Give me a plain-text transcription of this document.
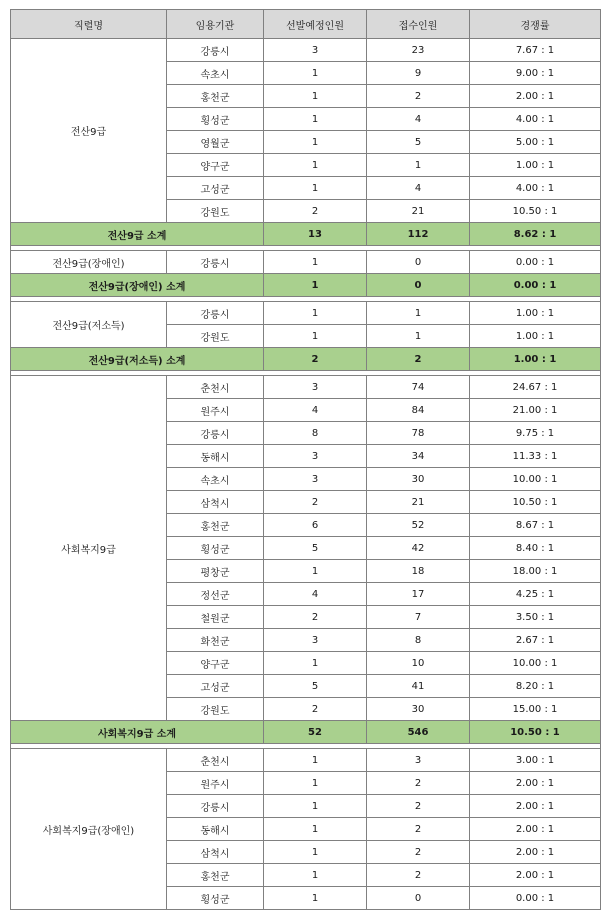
직렬명	임용기관	선발예정인원	접수인원	경쟁률
전산9급	강릉시	3	23	7.67 : 1
	속초시	1	9	9.00 : 1
	홍천군	1	2	2.00 : 1
	횡성군	1	4	4.00 : 1
	영월군	1	5	5.00 : 1
	양구군	1	1	1.00 : 1
	고성군	1	4	4.00 : 1
	강원도	2	21	10.50 : 1
전산9급 소계		13	112	8.62 : 1

전산9급(장애인)	강릉시	1	0	0.00 : 1
전산9급(장애인) 소계		1	0	0.00 : 1

전산9급(저소득)	강릉시	1	1	1.00 : 1
	강원도	1	1	1.00 : 1
전산9급(저소득) 소계		2	2	1.00 : 1

사회복지9급	춘천시	3	74	24.67 : 1
	원주시	4	84	21.00 : 1
	강릉시	8	78	9.75 : 1
	동해시	3	34	11.33 : 1
	속초시	3	30	10.00 : 1
	삼척시	2	21	10.50 : 1
	홍천군	6	52	8.67 : 1
	횡성군	5	42	8.40 : 1
	평창군	1	18	18.00 : 1
	정선군	4	17	4.25 : 1
	철원군	2	7	3.50 : 1
	화천군	3	8	2.67 : 1
	양구군	1	10	10.00 : 1
	고성군	5	41	8.20 : 1
	강원도	2	30	15.00 : 1
사회복지9급 소계		52	546	10.50 : 1

사회복지9급(장애인)	춘천시	1	3	3.00 : 1
	원주시	1	2	2.00 : 1
	강릉시	1	2	2.00 : 1
	동해시	1	2	2.00 : 1
	삼척시	1	2	2.00 : 1
	홍천군	1	2	2.00 : 1
	횡성군	1	0	0.00 : 1
